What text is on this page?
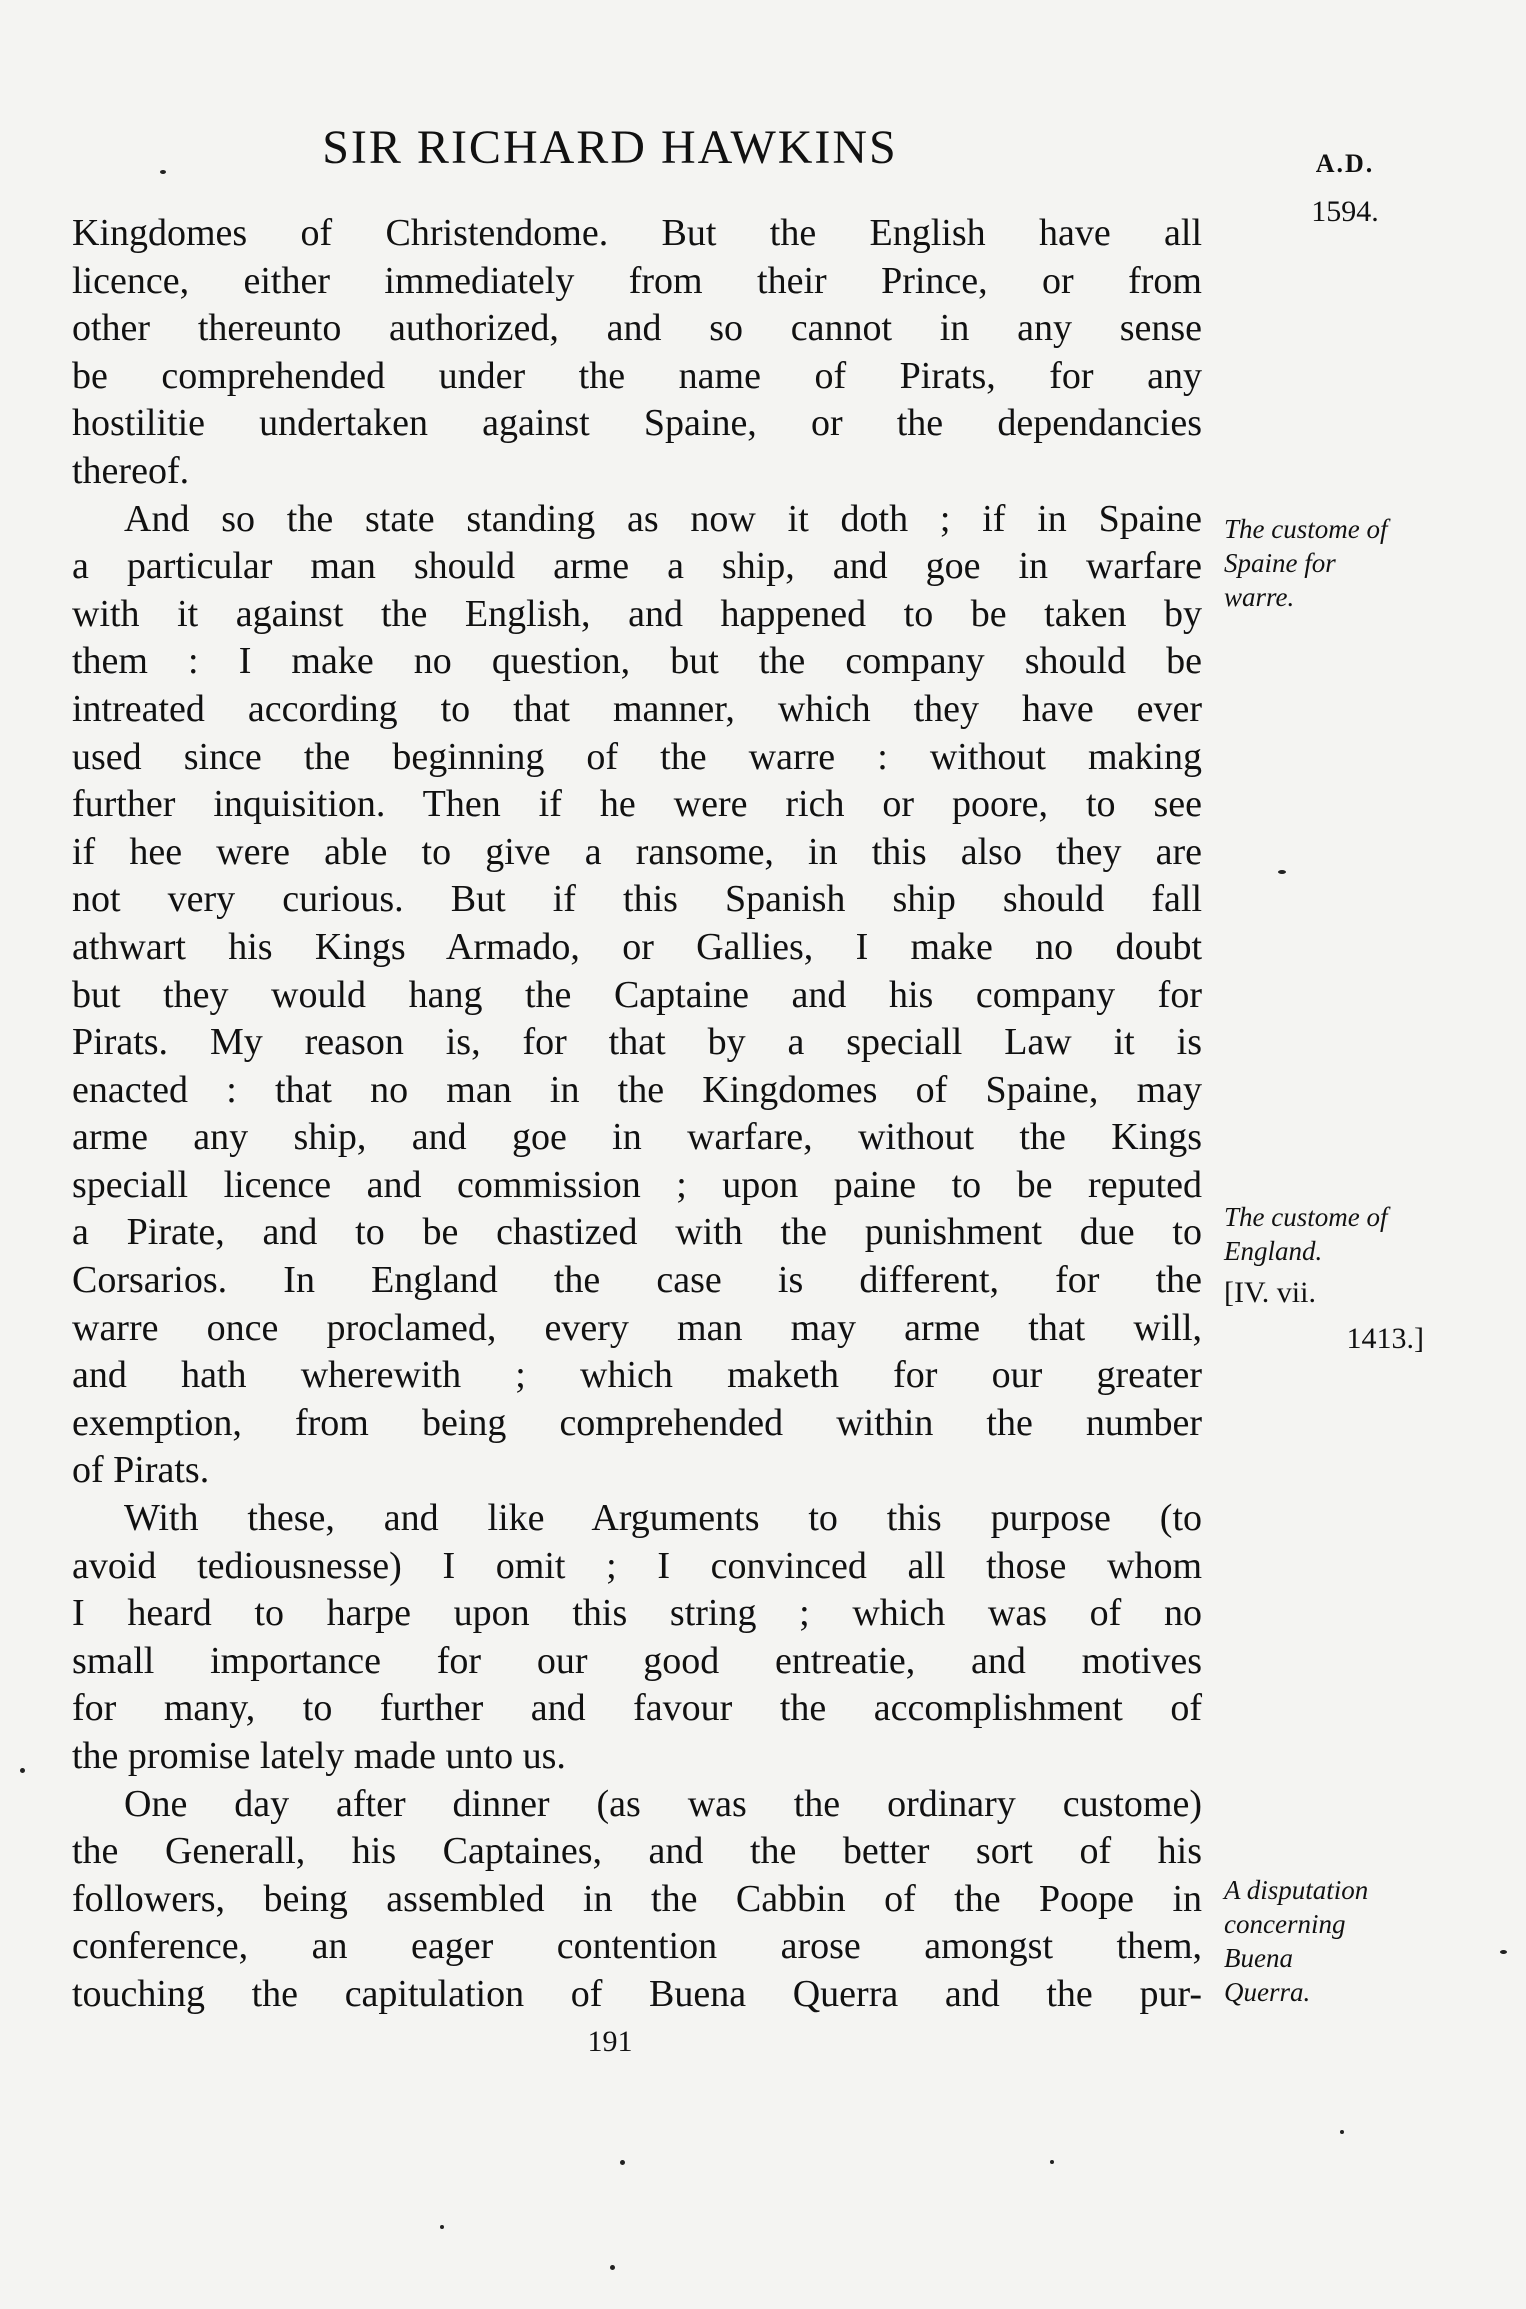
SIR RICHARD HAWKINS	A.D.
1594.
Kingdomes of Christendome. But the English have all
licence, either immediately from their Prince, or from
other thereunto authorized, and so cannot in any sense
be comprehended under the name of Pirats, for any
hostilitie undertaken against Spaine, or the dependancies
thereof.
And so the state standing as now it doth ; if in Spaine
a particular man should arme a ship, and goe in warfare
with it against the English, and happened to be taken by
them : I make no question, but the company should be
intreated according to that manner, which they have ever
used since the beginning of the warre : without making
further inquisition. Then if he were rich or poore, to see
if hee were able to give a ransome, in this also they are
not very curious. But if this Spanish ship should fall
athwart his Kings Armado, or Gallies, I make no doubt
but they would hang the Captaine and his company for
Pirats. My reason is, for that by a speciall Law it is
enacted : that no man in the Kingdomes of Spaine, may
arme any ship, and goe in warfare, without the Kings
speciall licence and commission ; upon paine to be reputed
a Pirate, and to be chastized with the punishment due to
Corsarios. In England the case is different, for the
warre once proclamed, every man may arme that will,
and hath wherewith ; which maketh for our greater
exemption, from being comprehended within the number
of Pirats.
With these, and like Arguments to this purpose (to
avoid tediousnesse) I omit ; I convinced all those whom
I heard to harpe upon this string ; which was of no
small importance for our good entreatie, and motives
for many, to further and favour the accomplishment of
the promise lately made unto us.
One day after dinner (as was the ordinary custome)
the Generall, his Captaines, and the better sort of his
followers, being assembled in the Cabbin of the Poope in
conference, an eager contention arose amongst them,
touching the capitulation of Buena Querra and the pur-
The custome of
Spaine for
warre.
The custome of
England.
[IV. vii.
1413.]
A disputation
concerning
Buena
Querra.
191
